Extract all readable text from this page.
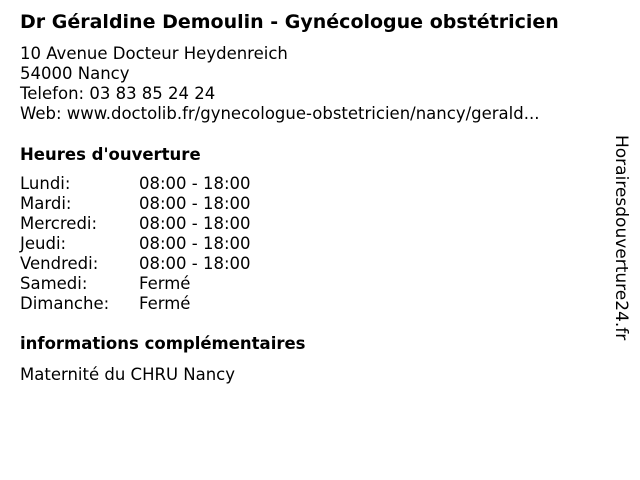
Dr Géraldine Demoulin - Gynécologue obstétricien
10 Avenue Docteur Heydenreich
54000 Nancy
Telefon: 03 83 85 24 24
Web: www.doctolib.fr/gynecologue-obstetricien/nancy/gerald...
Heures d'ouverture
Lundi:	08:00 - 18:00
Mardi:	08:00 - 18:00
Mercredi:	08:00 - 18:00
Jeudi:	08:00 - 18:00
Vendredi:	08:00 - 18:00
Samedi:	Fermé
Dimanche:	Fermé
informations complémentaires
Maternité du CHRU Nancy
Horairesdouverture24.fr
